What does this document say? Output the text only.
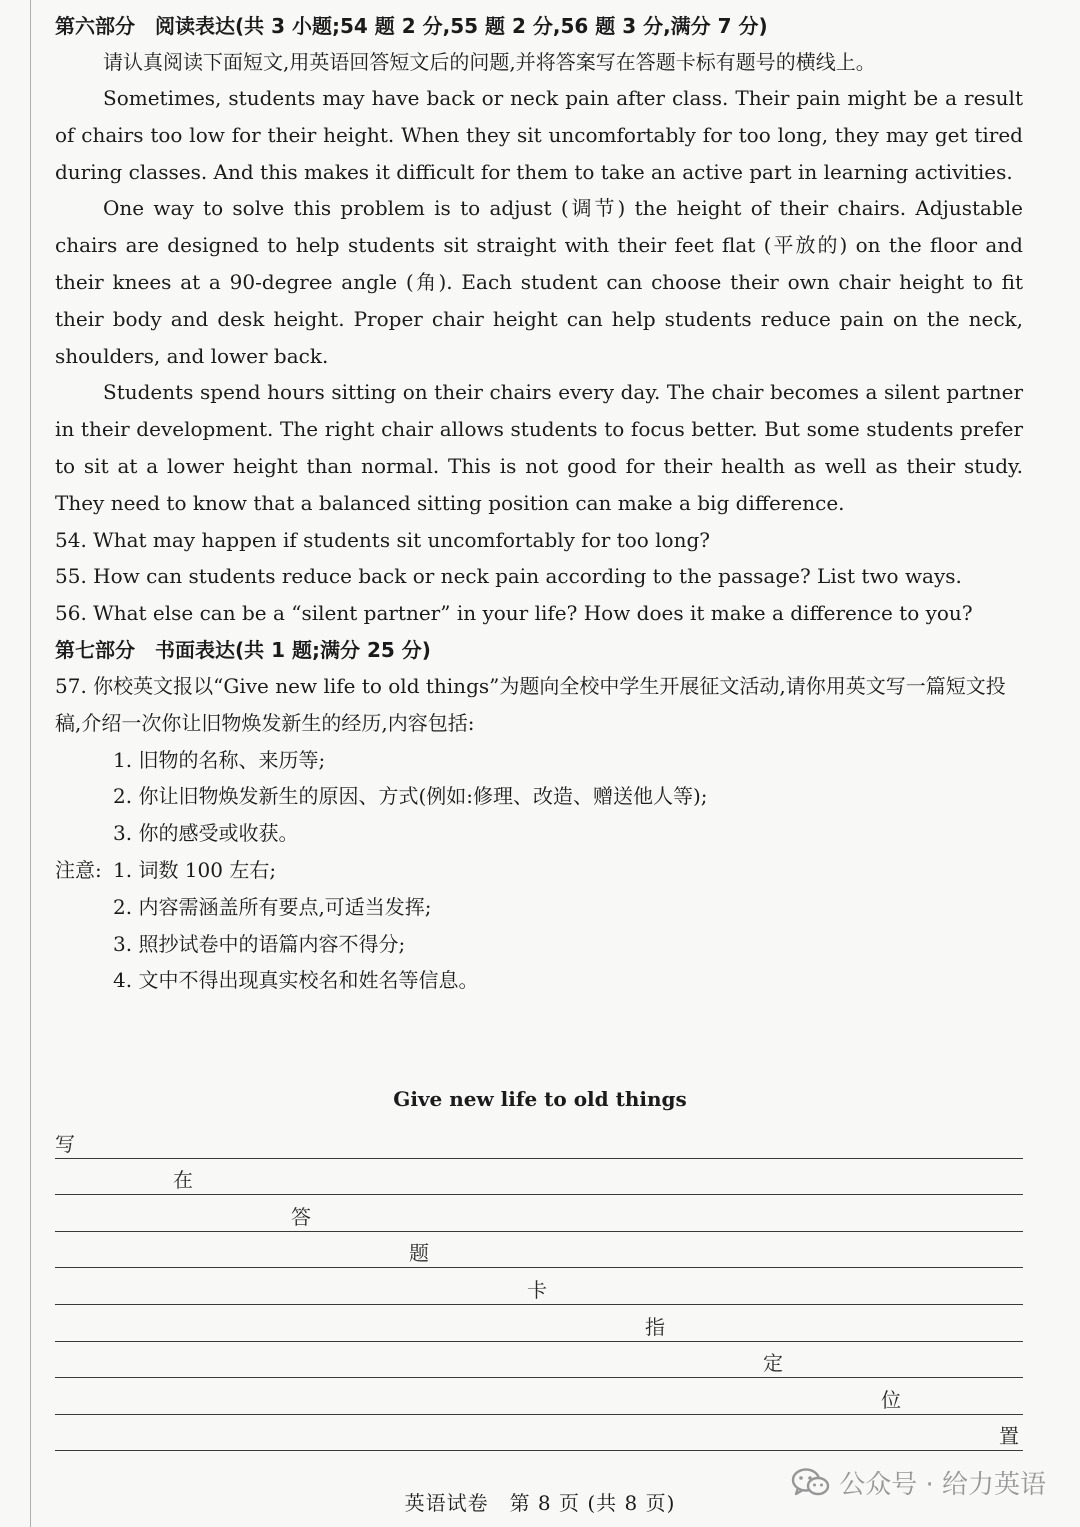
第六部分　阅读表达(共 3 小题;54 题 2 分,55 题 2 分,56 题 3 分,满分 7 分)
请认真阅读下面短文,用英语回答短文后的问题,并将答案写在答题卡标有题号的横线上。

Sometimes, students may have back or neck pain after class. Their pain might be a result of chairs too low for their height. When they sit uncomfortably for too long, they may get tired during classes. And this makes it difficult for them to take an active part in learning activities.

One way to solve this problem is to adjust (调节) the height of their chairs. Adjustable chairs are designed to help students sit straight with their feet flat (平放的) on the floor and their knees at a 90-degree angle (角). Each student can choose their own chair height to fit their body and desk height. Proper chair height can help students reduce pain on the neck, shoulders, and lower back.

Students spend hours sitting on their chairs every day. The chair becomes a silent partner in their development. The right chair allows students to focus better. But some students prefer to sit at a lower height than normal. This is not good for their health as well as their study. They need to know that a balanced sitting position can make a big difference.

54. What may happen if students sit uncomfortably for too long?
55. How can students reduce back or neck pain according to the passage? List two ways.
56. What else can be a “silent partner” in your life? How does it make a difference to you?
第七部分　书面表达(共 1 题;满分 25 分)
57. 你校英文报以“Give new life to old things”为题向全校中学生开展征文活动,请你用英文写一篇短文投稿,介绍一次你让旧物焕发新生的经历,内容包括:
1. 旧物的名称、来历等;
2. 你让旧物焕发新生的原因、方式(例如:修理、改造、赠送他人等);
3. 你的感受或收获。
注意: 1. 词数 100 左右;
2. 内容需涵盖所有要点,可适当发挥;
3. 照抄试卷中的语篇内容不得分;
4. 文中不得出现真实校名和姓名等信息。
Give new life to old things
写
在
答
题
卡
指
定
位
置
公众号 · 给力英语
英语试卷　第 8 页 (共 8 页)
